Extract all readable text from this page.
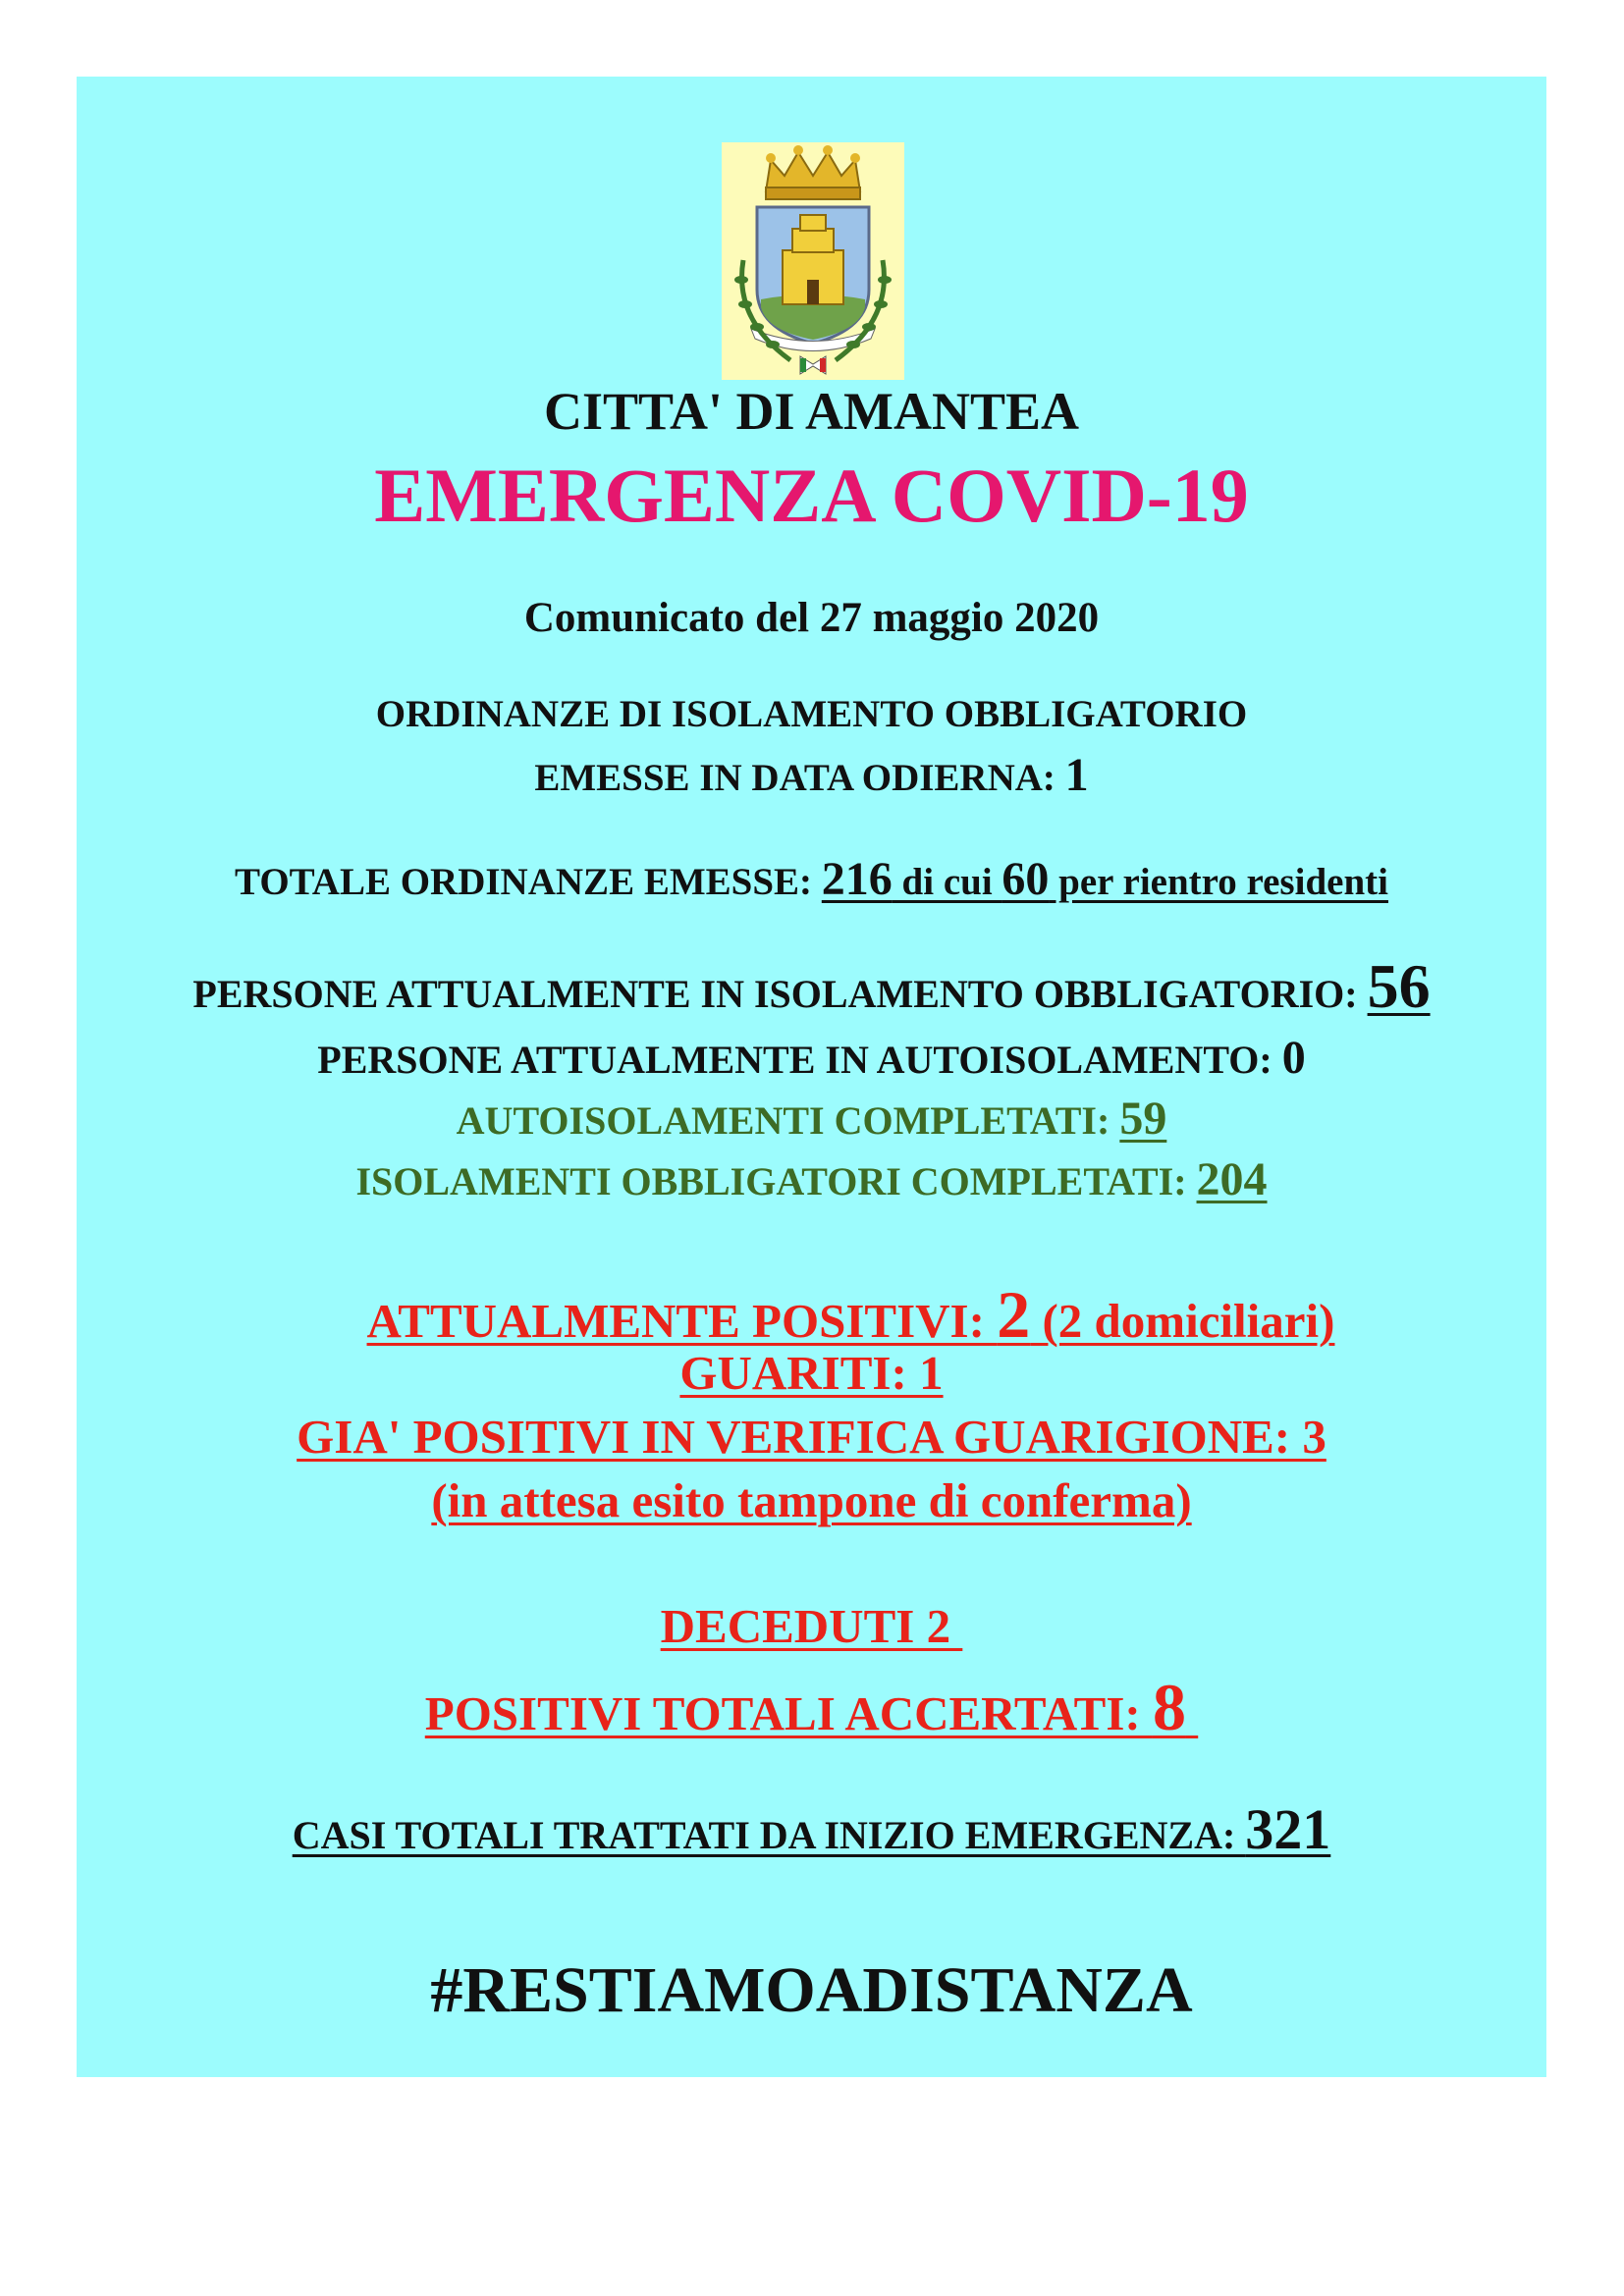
CITTA' DI AMANTEA
EMERGENZA COVID-19
Comunicato del 27 maggio 2020
ORDINANZE DI ISOLAMENTO OBBLIGATORIO
EMESSE IN DATA ODIERNA: 1
TOTALE ORDINANZE EMESSE: 216 di cui 60 per rientro residenti
PERSONE ATTUALMENTE IN ISOLAMENTO OBBLIGATORIO: 56
PERSONE ATTUALMENTE IN AUTOISOLAMENTO: 0
AUTOISOLAMENTI COMPLETATI: 59
ISOLAMENTI OBBLIGATORI COMPLETATI: 204
ATTUALMENTE POSITIVI: 2 (2 domiciliari)
GUARITI: 1
GIA' POSITIVI IN VERIFICA GUARIGIONE: 3
(in attesa esito tampone di conferma)
DECEDUTI 2
POSITIVI TOTALI ACCERTATI: 8
CASI TOTALI TRATTATI DA INIZIO EMERGENZA: 321
#RESTIAMOADISTANZA
